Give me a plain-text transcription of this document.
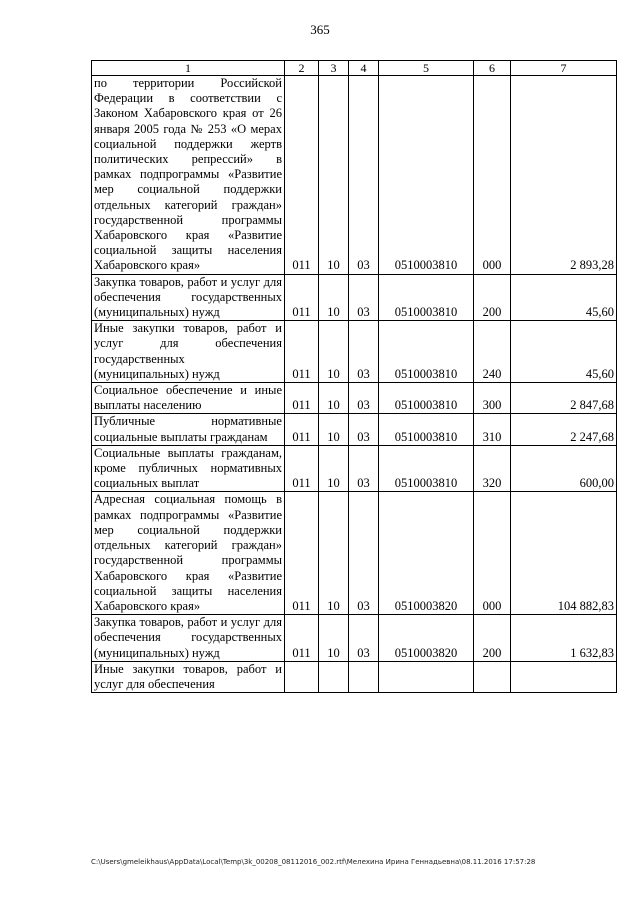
365
1	2	3	4	5	6	7
по территории Российской Федерации в соответствии с Законом Хабаровского края от 26 января 2005 года № 253 «О мерах социальной поддержки жертв политических репрессий» в рамках подпрограммы «Развитие мер социальной поддержки отдельных категорий граждан» государственной программы Хабаровского края «Развитие социальной защиты населения Хабаровского края»	011	10	03	0510003810	000	2 893,28
Закупка товаров, работ и услуг для обеспечения государственных (муниципальных) нужд	011	10	03	0510003810	200	45,60
Иные закупки товаров, работ и услуг для обеспечения государственных (муниципальных) нужд	011	10	03	0510003810	240	45,60
Социальное обеспечение и иные выплаты населению	011	10	03	0510003810	300	2 847,68
Публичные нормативные социальные выплаты гражданам	011	10	03	0510003810	310	2 247,68
Социальные выплаты гражданам, кроме публичных нормативных социальных выплат	011	10	03	0510003810	320	600,00
Адресная социальная помощь в рамках подпрограммы «Развитие мер социальной поддержки отдельных категорий граждан» государственной программы Хабаровского края «Развитие социальной защиты населения Хабаровского края»	011	10	03	0510003820	000	104 882,83
Закупка товаров, работ и услуг для обеспечения государственных (муниципальных) нужд	011	10	03	0510003820	200	1 632,83
Иные закупки товаров, работ и услуг для обеспечения						
C:\Users\gmeleikhaus\AppData\Local\Temp\3k_00208_08112016_002.rtf\Мелехина Ирина Геннадьевна\08.11.2016 17:57:28
